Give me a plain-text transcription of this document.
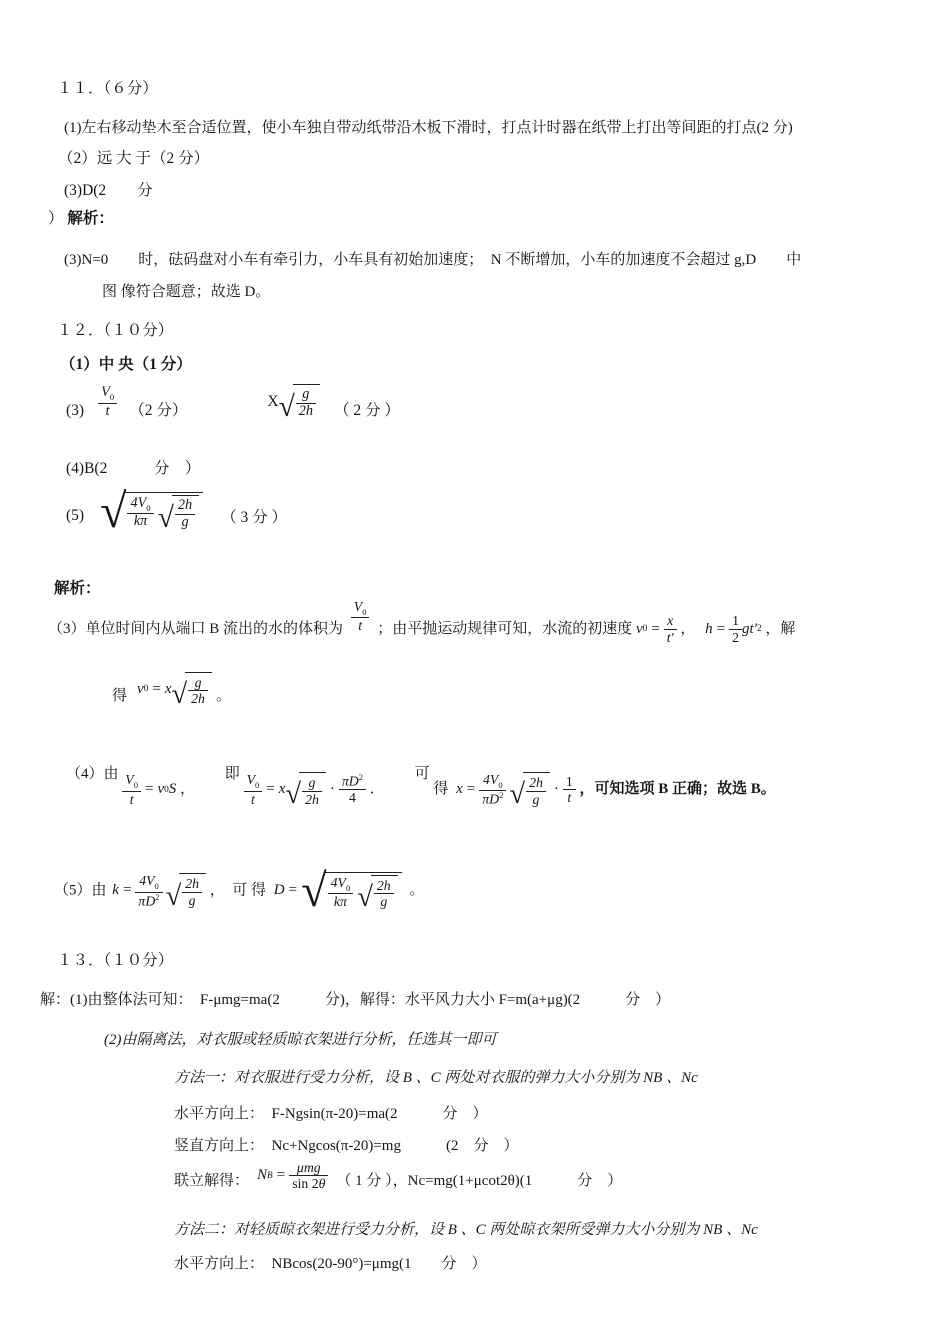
１１．（６分）
(1)左右移动垫木至合适位置，使小车独自带动纸带沿木板下滑时，打点计时器在纸带上打出等间距的打点(2 分)
（2）远 大 于（2 分）
(3)D(2　　分
） 解析：
(3)N=0　　时，砝码盘对小车有牵引力，小车具有初始加速度；　N 不断增加，小车的加速度不会超过 g,D　　中
图 像符合题意；故选 D。
１２．（１０分）
（1）中 央（1 分）
$(3) \frac{V_0}{t} (2$ 分）
X √ $\frac{g}{2h}$ （ 2 分 ）
(4)B(2　　　分　）
(5) √ $\frac{4V_0}{k\pi}$ √ $\frac{2h}{g}$ （ 3 分 ）
解析：
（3）单位时间内从端口 B 流出的水的体积为 $\frac{V_0}{t}$ ；由平抛运动规律可知，水流的初速度 v $0 = \frac{x}{t'}$ ， $h = \frac{1}{2} gt'$ 2 ，解
得 v 0 = x √ $\frac{g}{2h}$ 。
（4）由 $\frac{V_0}{t} = v$ 0 S ， 即 $\frac{V_0}{t} = x$ √ $\frac{g}{2h} \cdot \frac{\pi D^2}{4}$ ． 可 得 $x = \frac{4V_0}{\pi D^2}$ √ $\frac{2h}{g} \cdot \frac{1}{t}$ ，可知选项 B 正确；故选 B。
（5）由 $k = \frac{4V_0}{\pi D^2}$ √ $\frac{2h}{g}$ ，　可 得 D = √ $\frac{4V_0}{k\pi}$ √ $\frac{2h}{g}$ 。
１３．（１０分）
解：(1)由整体法可知：　F-μmg=ma(2　　　分)，解得：水平风力大小 F=m(a+μg)(2　　　分　）
(2)由隔离法，对衣服或轻质晾衣架进行分析，任选其一即可
方法一：对衣服进行受力分析，设 B 、C 两处对衣服的弹力大小分别为 NB 、Nc
水平方向上：　F-Ngsin(π-20)=ma(2　　　分　）
竖直方向上：　Nc+Ngcos(π-20)=mg　　　(2　分　）
联立解得： N B = μmg
sin 2θ （ 1 分 ），Nc=mg(1+μcot2θ)(1　　　分　）
方法二：对轻质晾衣架进行受力分析，设 B 、C 两处晾衣架所受弹力大小分别为 NB 、Nc
水平方向上：　NBcos(20-90°)=μmg(1　　分　）
